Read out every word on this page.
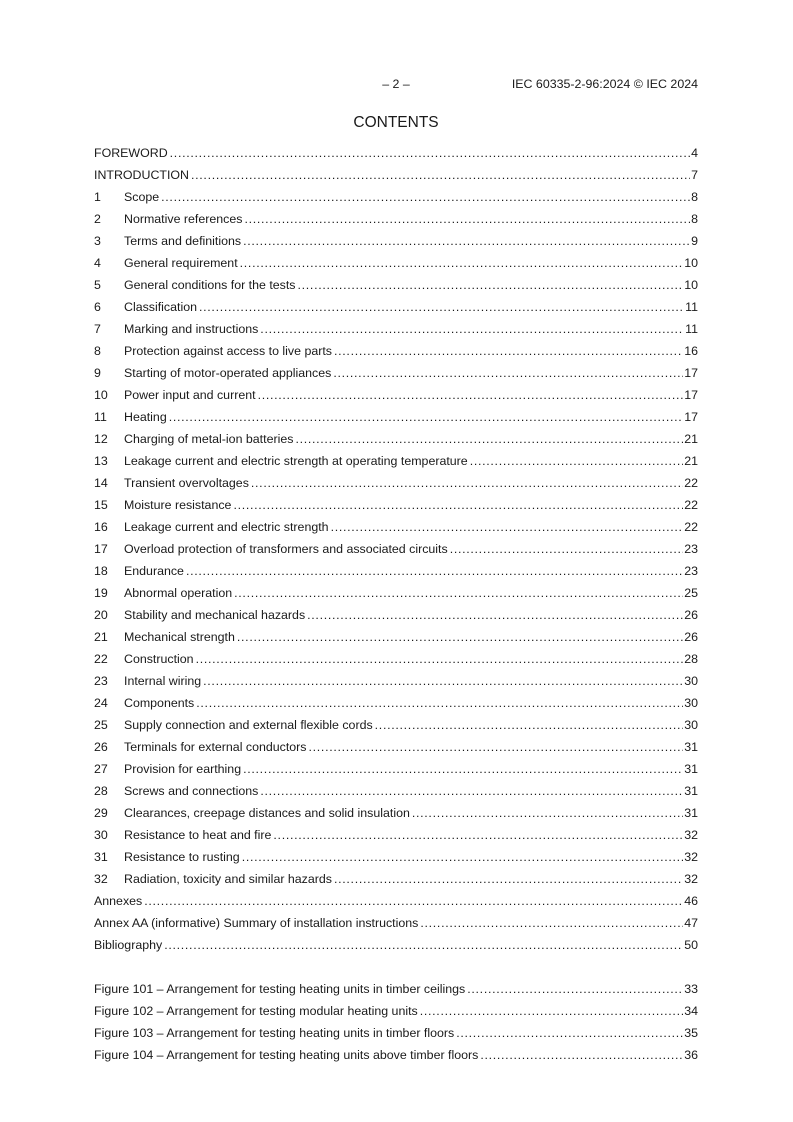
– 2 –	IEC 60335-2-96:2024 © IEC 2024
CONTENTS
FOREWORD .....	4
INTRODUCTION .....	7
1	Scope .....	8
2	Normative references .....	8
3	Terms and definitions .....	9
4	General requirement .....	10
5	General conditions for the tests .....	10
6	Classification .....	11
7	Marking and instructions .....	11
8	Protection against access to live parts .....	16
9	Starting of motor-operated appliances .....	17
10	Power input and current .....	17
11	Heating .....	17
12	Charging of metal-ion batteries .....	21
13	Leakage current and electric strength at operating temperature .....	21
14	Transient overvoltages .....	22
15	Moisture resistance .....	22
16	Leakage current and electric strength .....	22
17	Overload protection of transformers and associated circuits .....	23
18	Endurance .....	23
19	Abnormal operation .....	25
20	Stability and mechanical hazards .....	26
21	Mechanical strength .....	26
22	Construction .....	28
23	Internal wiring .....	30
24	Components .....	30
25	Supply connection and external flexible cords .....	30
26	Terminals for external conductors .....	31
27	Provision for earthing .....	31
28	Screws and connections .....	31
29	Clearances, creepage distances and solid insulation .....	31
30	Resistance to heat and fire .....	32
31	Resistance to rusting .....	32
32	Radiation, toxicity and similar hazards .....	32
Annexes .....	46
Annex AA (informative) Summary of installation instructions .....	47
Bibliography .....	50
Figure 101 – Arrangement for testing heating units in timber ceilings .....	33
Figure 102 – Arrangement for testing modular heating units .....	34
Figure 103 – Arrangement for testing heating units in timber floors .....	35
Figure 104 – Arrangement for testing heating units above timber floors .....	36
